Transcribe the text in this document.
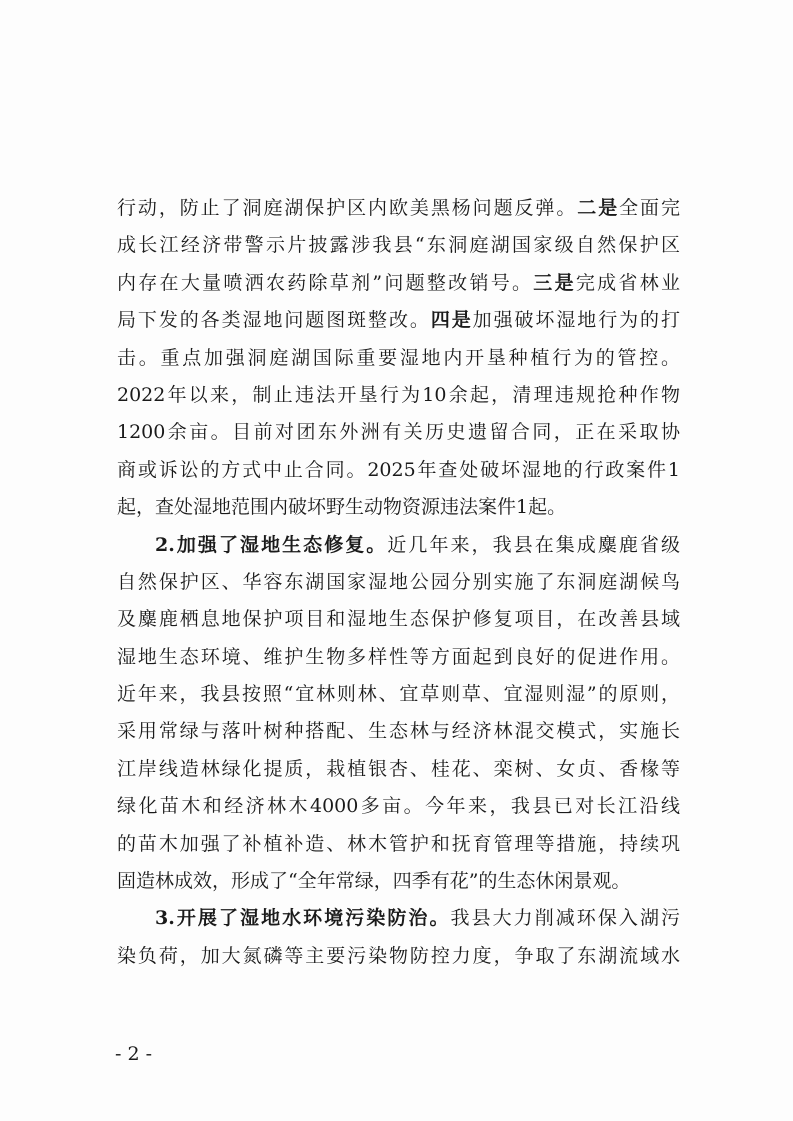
行动，防止了洞庭湖保护区内欧美黑杨问题反弹。二是全面完
成长江经济带警示片披露涉我县“东洞庭湖国家级自然保护区
内存在大量喷洒农药除草剂”问题整改销号。三是完成省林业
局下发的各类湿地问题图斑整改。四是加强破坏湿地行为的打
击。重点加强洞庭湖国际重要湿地内开垦种植行为的管控。
2022年以来，制止违法开垦行为10余起，清理违规抢种作物
1200余亩。目前对团东外洲有关历史遗留合同，正在采取协
商或诉讼的方式中止合同。2025年查处破坏湿地的行政案件1
起，查处湿地范围内破坏野生动物资源违法案件1起。
2.加强了湿地生态修复。近几年来，我县在集成麋鹿省级
自然保护区、华容东湖国家湿地公园分别实施了东洞庭湖候鸟
及麋鹿栖息地保护项目和湿地生态保护修复项目，在改善县域
湿地生态环境、维护生物多样性等方面起到良好的促进作用。
近年来，我县按照“宜林则林、宜草则草、宜湿则湿”的原则，
采用常绿与落叶树种搭配、生态林与经济林混交模式，实施长
江岸线造林绿化提质，栽植银杏、桂花、栾树、女贞、香椽等
绿化苗木和经济林木4000多亩。今年来，我县已对长江沿线
的苗木加强了补植补造、林木管护和抚育管理等措施，持续巩
固造林成效，形成了“全年常绿，四季有花”的生态休闲景观。
3.开展了湿地水环境污染防治。我县大力削减环保入湖污
染负荷，加大氮磷等主要污染物防控力度，争取了东湖流域水
- 2 -
